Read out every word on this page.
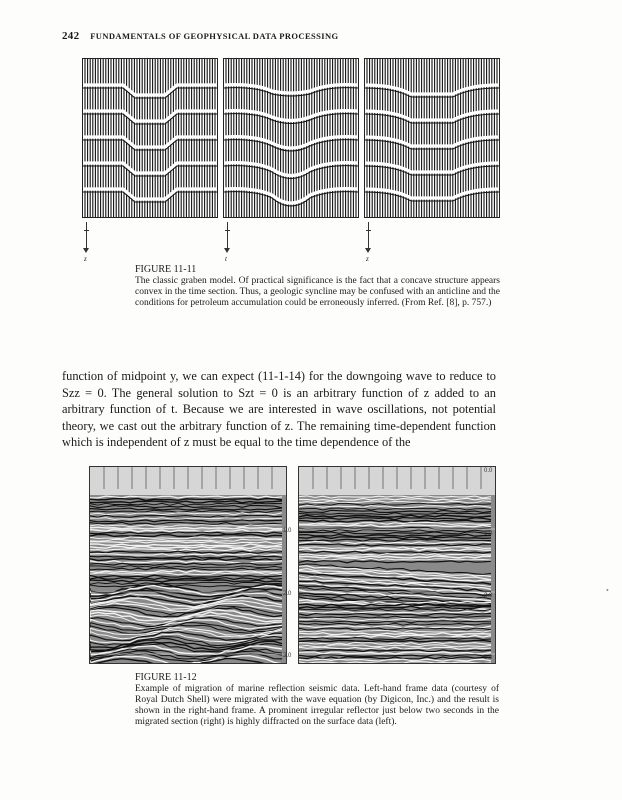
242 FUNDAMENTALS OF GEOPHYSICAL DATA PROCESSING
z	t	z
FIGURE 11-11
The classic graben model. Of practical significance is the fact that a concave structure appears convex in the time section. Thus, a geologic syncline may be confused with an anticline and the conditions for petroleum accumulation could be erroneously inferred. (From Ref. [8], p. 757.)

function of midpoint y, we can expect (11-1-14) for the downgoing wave to reduce to Szz = 0. The general solution to Szt = 0 is an arbitrary function of z added to an arbitrary function of t. Because we are interested in wave oscillations, not potential theory, we cast out the arbitrary function of z. The remaining time-dependent function which is independent of z must be equal to the time dependence of the

1.0
2.0
3.0
0.0
1.0
2.0
3.0
FIGURE 11-12
Example of migration of marine reflection seismic data. Left-hand frame data (courtesy of Royal Dutch Shell) were migrated with the wave equation (by Digicon, Inc.) and the result is shown in the right-hand frame. A prominent irregular reflector just below two seconds in the migrated section (right) is highly diffracted on the surface data (left).
•
